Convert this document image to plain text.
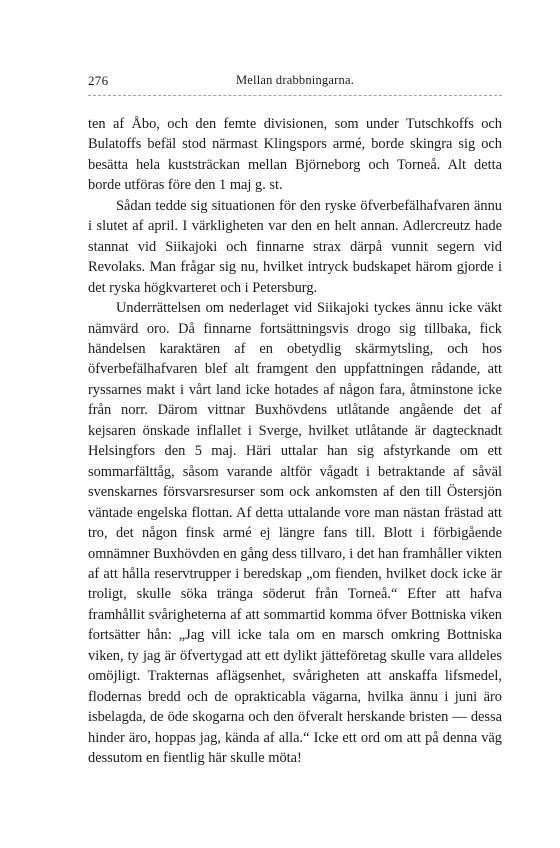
276	Mellan drabbningarna.

ten af Åbo, och den femte divisionen, som under Tutschkoffs och Bulatoffs befäl stod närmast Klingspors armé, borde skingra sig och besätta hela kuststräckan mellan Björneborg och Torneå. Alt detta borde utföras före den 1 maj g. st.

Sådan tedde sig situationen för den ryske öfverbefälhafvaren ännu i slutet af april. I värkligheten var den en helt annan. Adlercreutz hade stannat vid Siikajoki och finnarne strax därpå vunnit segern vid Revolaks. Man frågar sig nu, hvilket intryck budskapet härom gjorde i det ryska högkvarteret och i Petersburg.

Underrättelsen om nederlaget vid Siikajoki tyckes ännu icke väkt nämvärd oro. Då finnarne fortsättningsvis drogo sig tillbaka, fick händelsen karaktären af en obetydlig skärmytsling, och hos öfverbefälhafvaren blef alt framgent den uppfattningen rådande, att ryssarnes makt i vårt land icke hotades af någon fara, åtminstone icke från norr. Därom vittnar Buxhövdens utlåtande angående det af kejsaren önskade inflallet i Sverge, hvilket utlåtande är dagtecknadt Helsingfors den 5 maj. Häri uttalar han sig afstyrkande om ett sommarfälttåg, såsom varande altför vågadt i betraktande af såväl svenskarnes försvarsresurser som ock ankomsten af den till Östersjön väntade engelska flottan. Af detta uttalande vore man nästan frästad att tro, det någon finsk armé ej längre fans till. Blott i förbigående omnämner Buxhövden en gång dess tillvaro, i det han framhåller vikten af att hålla reservtrupper i beredskap „om fienden, hvilket dock icke är troligt, skulle söka tränga söderut från Torneå.“ Efter att hafva framhållit svårigheterna af att sommartid komma öfver Bottniska viken fortsätter hån: „Jag vill icke tala om en marsch omkring Bottniska viken, ty jag är öfvertygad att ett dylikt jätteföretag skulle vara alldeles omöjligt. Trakternas aflägsenhet, svårigheten att anskaffa lifsmedel, flodernas bredd och de oprakticabla vägarna, hvilka ännu i juni äro isbelagda, de öde skogarna och den öfveralt herskande bristen — dessa hinder äro, hoppas jag, kända af alla.“ Icke ett ord om att på denna väg dessutom en fientlig här skulle möta!
